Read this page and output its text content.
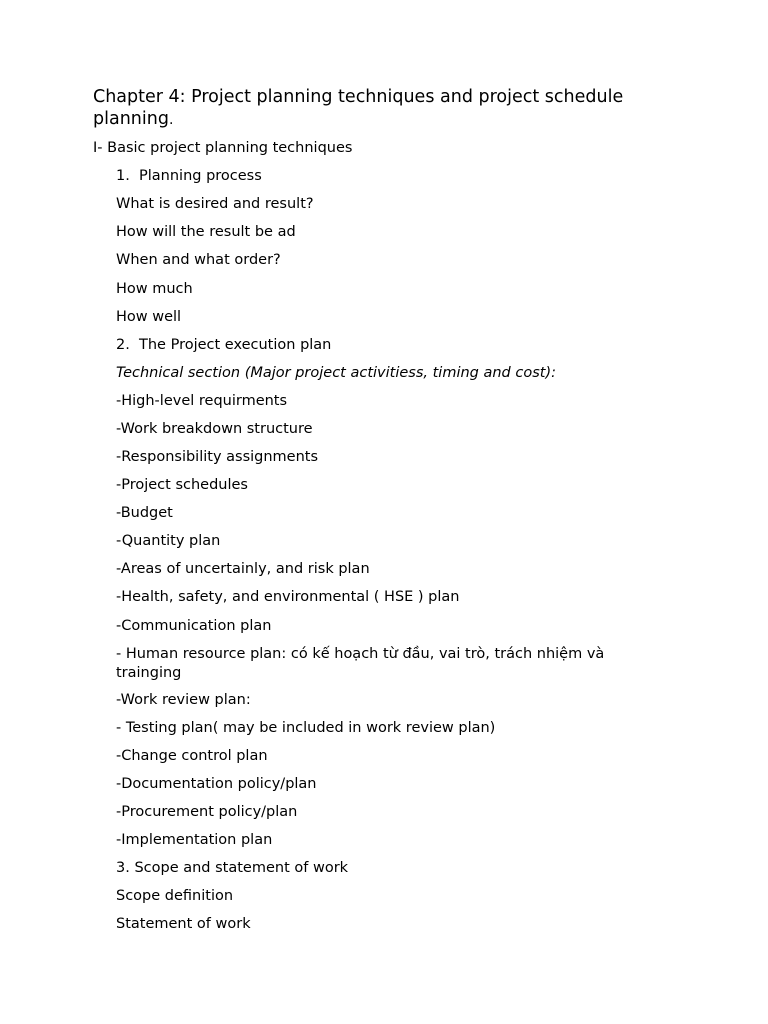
Chapter 4: Project planning techniques and project schedule planning.
I- Basic project planning techniques
1. Planning process
What is desired and result?
How will the result be ad
When and what order?
How much
How well
2. The Project execution plan
Technical section (Major project activitiess, timing and cost):
-High-level requirments
-Work breakdown structure
-Responsibility assignments
-Project schedules
-Budget
-Quantity plan
-Areas of uncertainly, and risk plan
-Health, safety, and environmental ( HSE ) plan
-Communication plan
- Human resource plan: có kế hoạch từ đầu, vai trò, trách nhiệm và trainging
-Work review plan:
- Testing plan( may be included in work review plan)
-Change control plan
-Documentation policy/plan
-Procurement policy/plan
-Implementation plan
3. Scope and statement of work
Scope definition
Statement of work
